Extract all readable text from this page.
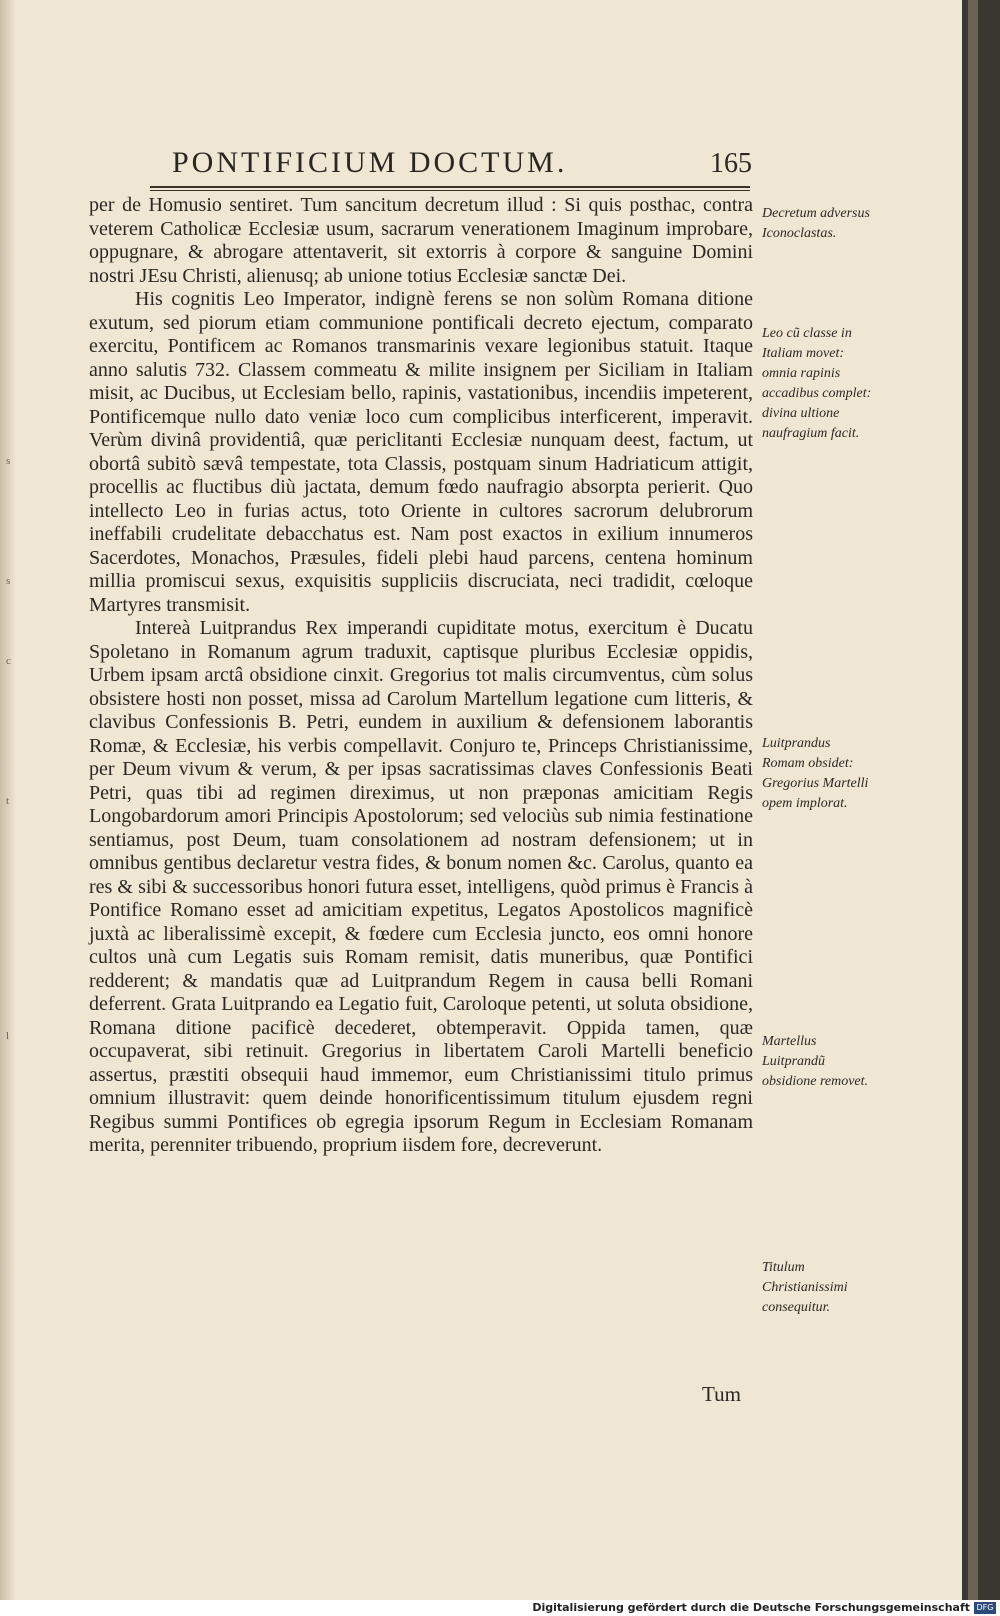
s
s
c
t
l
PONTIFICIUM DOCTUM.	165

per de Homusio sentiret. Tum sancitum decretum illud : Si quis posthac, contra veterem Catholicæ Ecclesiæ usum, sacrarum venerationem Imaginum improbare, oppugnare, & abrogare attentaverit, sit extorris à corpore & sanguine Domini nostri JEsu Christi, alienusq; ab unione totius Ecclesiæ sanctæ Dei.

His cognitis Leo Imperator, indignè ferens se non solùm Romana ditione exutum, sed piorum etiam communione pontificali decreto ejectum, comparato exercitu, Pontificem ac Romanos transmarinis vexare legionibus statuit. Itaque anno salutis 732. Classem commeatu & milite insignem per Siciliam in Italiam misit, ac Ducibus, ut Ecclesiam bello, rapinis, vastationibus, incendiis impeterent, Pontificemque nullo dato veniæ loco cum complicibus interficerent, imperavit. Verùm divinâ providentiâ, quæ periclitanti Ecclesiæ nunquam deest, factum, ut obortâ subitò sævâ tempestate, tota Classis, postquam sinum Hadriaticum attigit, procellis ac fluctibus diù jactata, demum fœdo naufragio absorpta perierit. Quo intellecto Leo in furias actus, toto Oriente in cultores sacrorum delubrorum ineffabili crudelitate debacchatus est. Nam post exactos in exilium innumeros Sacerdotes, Monachos, Præsules, fideli plebi haud parcens, centena hominum millia promiscui sexus, exquisitis suppliciis discruciata, neci tradidit, cœloque Martyres transmisit.

Intereà Luitprandus Rex imperandi cupiditate motus, exercitum è Ducatu Spoletano in Romanum agrum traduxit, captisque pluribus Ecclesiæ oppidis, Urbem ipsam arctâ obsidione cinxit. Gregorius tot malis circumventus, cùm solus obsistere hosti non posset, missa ad Carolum Martellum legatione cum litteris, & clavibus Confessionis B. Petri, eundem in auxilium & defensionem laborantis Romæ, & Ecclesiæ, his verbis compellavit. Conjuro te, Princeps Christianissime, per Deum vivum & verum, & per ipsas sacratissimas claves Confessionis Beati Petri, quas tibi ad regimen direximus, ut non præponas amicitiam Regis Longobardorum amori Principis Apostolorum; sed velociùs sub nimia festinatione sentiamus, post Deum, tuam consolationem ad nostram defensionem; ut in omnibus gentibus declaretur vestra fides, & bonum nomen &c. Carolus, quanto ea res & sibi & successoribus honori futura esset, intelligens, quòd primus è Francis à Pontifice Romano esset ad amicitiam expetitus, Legatos Apostolicos magnificè juxtà ac liberalissimè excepit, & fœdere cum Ecclesia juncto, eos omni honore cultos unà cum Legatis suis Romam remisit, datis muneribus, quæ Pontifici redderent; & mandatis quæ ad Luitprandum Regem in causa belli Romani deferrent. Grata Luitprando ea Legatio fuit, Caroloque petenti, ut soluta obsidione, Romana ditione pacificè decederet, obtemperavit. Oppida tamen, quæ occupaverat, sibi retinuit. Gregorius in libertatem Caroli Martelli beneficio assertus, præstiti obsequii haud immemor, eum Christianissimi titulo primus omnium illustravit: quem deinde honorificentissimum titulum ejusdem regni Regibus summi Pontifices ob egregia ipsorum Regum in Ecclesiam Romanam merita, perenniter tribuendo, proprium iisdem fore, decreverunt.

Tum
Decretum adversus Iconoclastas.
Leo cũ classe in Italiam movet: omnia rapinis accadibus complet: divina ultione naufragium facit.
Luitprandus Romam obsidet: Gregorius Martelli opem implorat.
Martellus Luitprandũ obsidione removet.
Titulum Christianissimi consequitur.
Digitalisierung gefördert durch die Deutsche Forschungsgemeinschaft DFG
